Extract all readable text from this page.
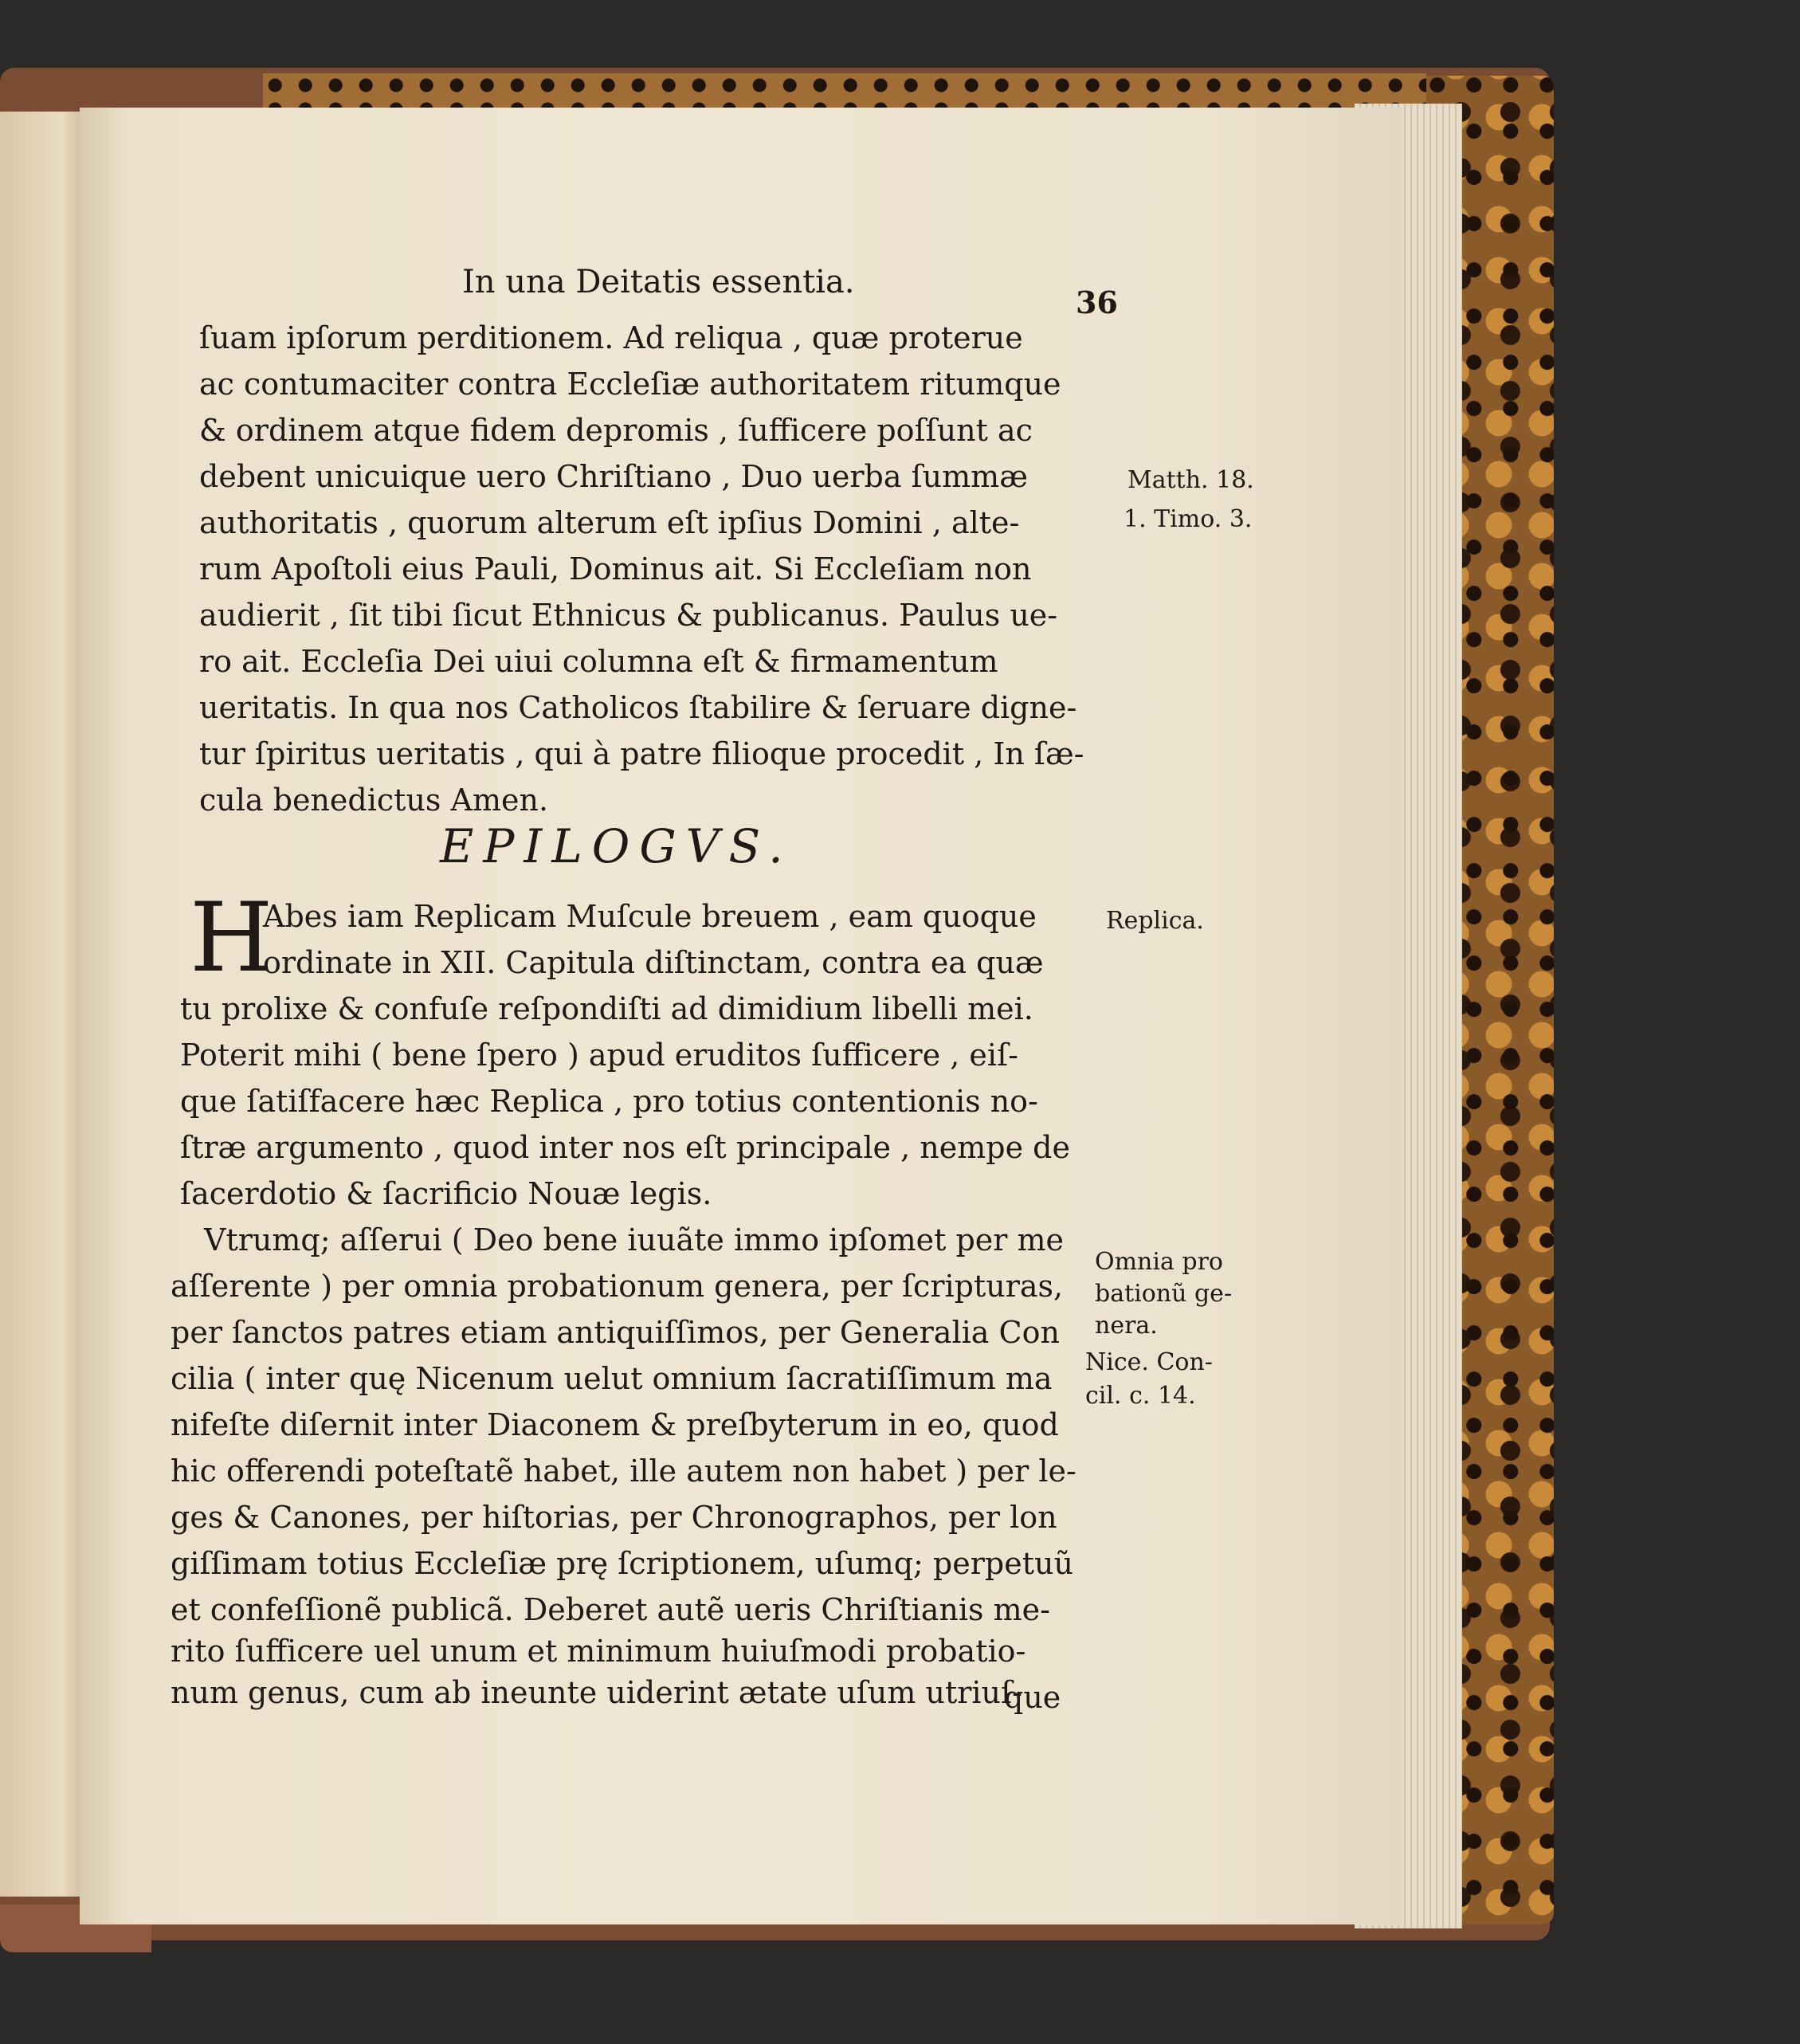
In una Deitatis essentia.
36
ſuam ipſorum perditionem. Ad reliqua , quæ proterue
ac contumaciter contra Eccleſiæ authoritatem ritumque
& ordinem atque fidem depromis , ſufficere poſſunt ac
debent unicuique uero Chriſtiano , Duo uerba ſummæ
authoritatis , quorum alterum eſt ipſius Domini , alte-
rum Apoſtoli eius Pauli, Dominus ait. Si Eccleſiam non
audierit , ſit tibi ſicut Ethnicus & publicanus. Paulus ue-
ro ait. Eccleſia Dei uiui columna eſt & firmamentum
ueritatis. In qua nos Catholicos ſtabilire & ſeruare digne-
tur ſpiritus ueritatis , qui à patre filioque procedit , In ſæ-
cula benedictus Amen.
EPILOGVS.
H
Abes iam Replicam Muſcule breuem , eam quoque
ordinate in XII. Capitula diſtinctam, contra ea quæ
tu prolixe & confuſe reſpondiſti ad dimidium libelli mei.
Poterit mihi ( bene ſpero ) apud eruditos ſufficere , eiſ-
que ſatiſfacere hæc Replica , pro totius contentionis no-
ſtræ argumento , quod inter nos eſt principale , nempe de
ſacerdotio & ſacrificio Nouæ legis.
Vtrumq; aſſerui ( Deo bene iuuãte immo ipſomet per me
aſſerente ) per omnia probationum genera, per ſcripturas,
per ſanctos patres etiam antiquiſſimos, per Generalia Con
cilia ( inter quę Nicenum uelut omnium ſacratiſſimum ma
nifeſte diſernit inter Diaconem & preſbyterum in eo, quod
hic offerendi poteſtatẽ habet, ille autem non habet ) per le-
ges & Canones, per hiſtorias, per Chronographos, per lon
giſſimam totius Eccleſiæ prę ſcriptionem, uſumq; perpetuũ
et confeſſionẽ publicã. Deberet autẽ ueris Chriſtianis me-
rito ſufficere uel unum et minimum huiuſmodi probatio-
num genus, cum ab ineunte uiderint ætate uſum utriuſ-
que
Matth. 18.
1. Timo. 3.
Replica.
Omnia pro
bationũ ge-
nera.
Nice. Con-
cil. c. 14.
